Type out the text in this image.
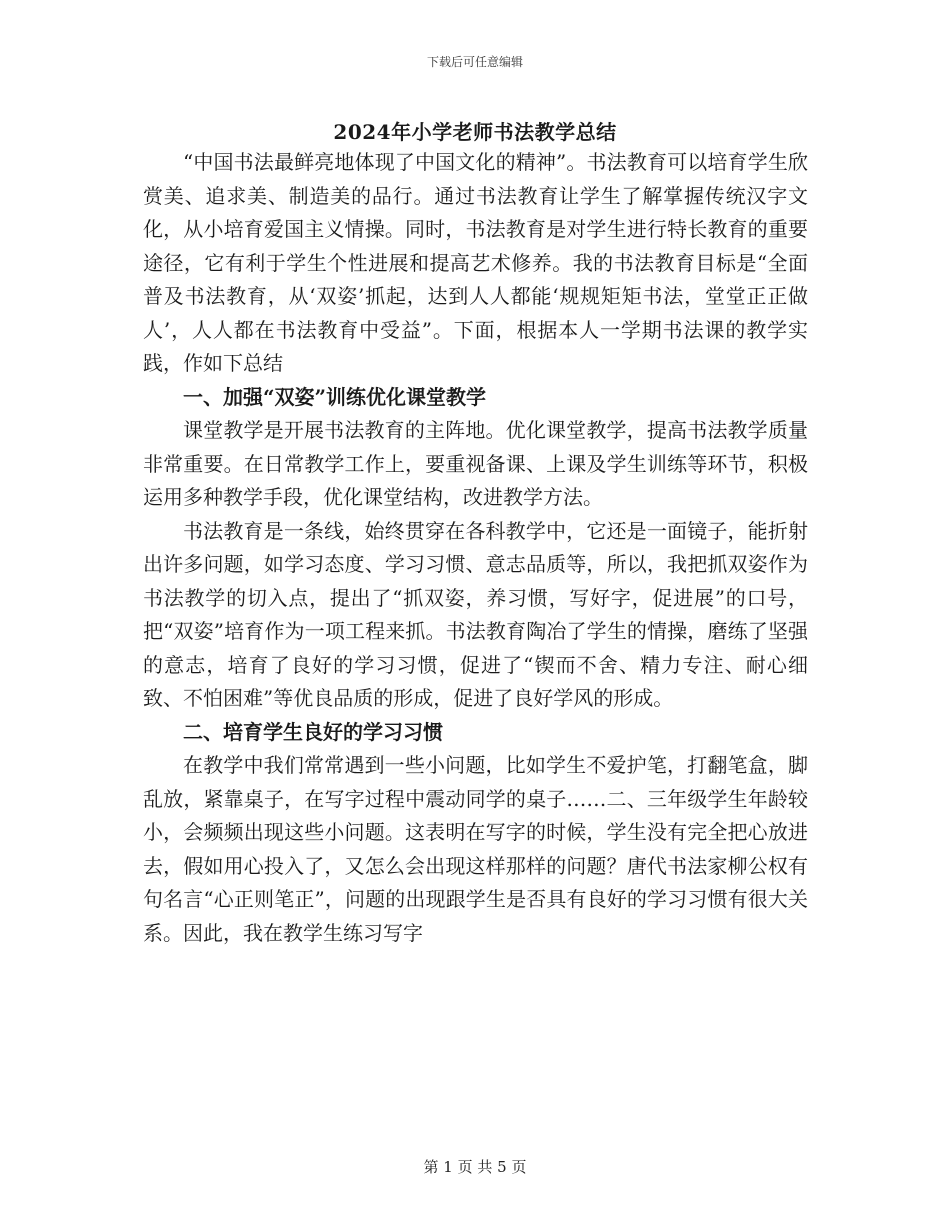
下载后可任意编辑
2024年小学老师书法教学总结

“中国书法最鲜亮地体现了中国文化的精神”。书法教育可以培育学生欣赏美、追求美、制造美的品行。通过书法教育让学生了解掌握传统汉字文化，从小培育爱国主义情操。同时，书法教育是对学生进行特长教育的重要途径，它有利于学生个性进展和提高艺术修养。我的书法教育目标是“全面普及书法教育，从‘双姿’抓起，达到人人都能‘规规矩矩书法，堂堂正正做人’，人人都在书法教育中受益”。下面，根据本人一学期书法课的教学实践，作如下总结

一、加强“双姿”训练优化课堂教学

课堂教学是开展书法教育的主阵地。优化课堂教学，提高书法教学质量非常重要。在日常教学工作上，要重视备课、上课及学生训练等环节，积极运用多种教学手段，优化课堂结构，改进教学方法。

书法教育是一条线，始终贯穿在各科教学中，它还是一面镜子，能折射出许多问题，如学习态度、学习习惯、意志品质等，所以，我把抓双姿作为书法教学的切入点，提出了“抓双姿，养习惯，写好字，促进展”的口号，把“双姿”培育作为一项工程来抓。书法教育陶冶了学生的情操，磨练了坚强的意志，培育了良好的学习习惯，促进了“锲而不舍、精力专注、耐心细致、不怕困难”等优良品质的形成，促进了良好学风的形成。

二、培育学生良好的学习习惯

在教学中我们常常遇到一些小问题，比如学生不爱护笔，打翻笔盒，脚乱放，紧靠桌子，在写字过程中震动同学的桌子……二、三年级学生年龄较小，会频频出现这些小问题。这表明在写字的时候，学生没有完全把心放进去，假如用心投入了，又怎么会出现这样那样的问题？唐代书法家柳公权有句名言“心正则笔正”，问题的出现跟学生是否具有良好的学习习惯有很大关系。因此，我在教学生练习写字

第 1 页 共 5 页
